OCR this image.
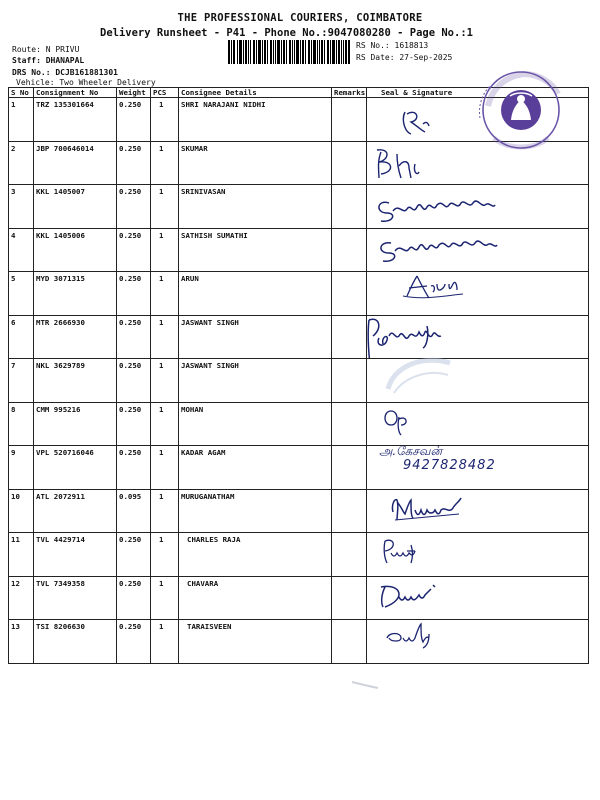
THE PROFESSIONAL COURIERS, COIMBATORE
Delivery Runsheet - P41 - Phone No.:9047080280 - Page No.:1
Route: N PRIVU
Staff: DHANAPAL
DRS No.: DCJB161881301
Vehicle: Two Wheeler Delivery
RS No.: 1618813
RS Date: 27-Sep-2025
S No	Consignment No	Weight	PCS	Consignee Details	Remarks	Seal & Signature
1	TRZ 135301664	0.250	1	SHRI NARAJANI NIDHI		

2	JBP 700646014	0.250	1	SKUMAR		

3	KKL 1405007	0.250	1	SRINIVASAN		

4	KKL 1405006	0.250	1	SATHISH SUMATHI		

5	MYD 3071315	0.250	1	ARUN		

6	MTR 2666930	0.250	1	JASWANT SINGH		

7	NKL 3629789	0.250	1	JASWANT SINGH		
8	CMM 995216	0.250	1	MOHAN		

9	VPL 520716046	0.250	1	KADAR AGAM		அ.கேசவன்
9427828482

10	ATL 2072911	0.095	1	MURUGANATHAM		

11	TVL 4429714	0.250	1	CHARLES RAJA		

12	TVL 7349358	0.250	1	CHAVARA		

13	TSI 8206630	0.250	1	TARAISVEEN		
